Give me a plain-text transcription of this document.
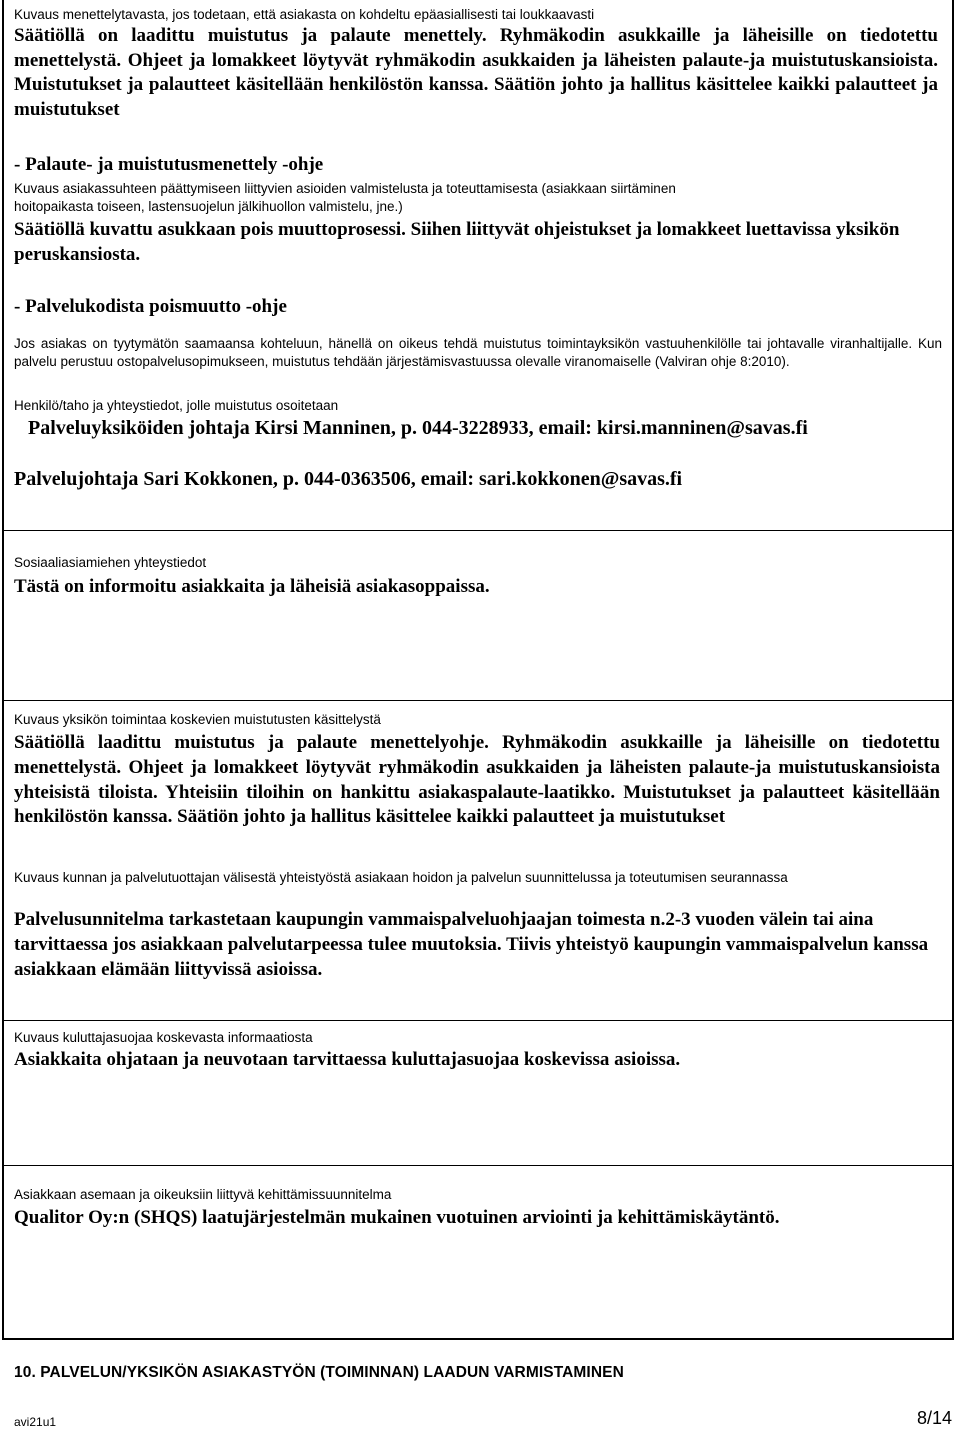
Kuvaus menettelytavasta, jos todetaan, että asiakasta on kohdeltu epäasiallisesti tai loukkaavasti

Säätiöllä on laadittu muistutus ja palaute menettely. Ryhmäkodin asukkaille ja läheisille on tiedotettu menettelystä. Ohjeet ja lomakkeet löytyvät ryhmäkodin asukkaiden ja läheisten palaute-ja muistutuskansioista. Muistutukset ja palautteet käsitellään henkilöstön kanssa. Säätiön johto ja hallitus käsittelee kaikki palautteet ja muistutukset

- Palaute- ja muistutusmenettely -ohje

Kuvaus asiakassuhteen päättymiseen liittyvien asioiden valmistelusta ja toteuttamisesta (asiakkaan siirtäminen hoitopaikasta toiseen, lastensuojelun jälkihuollon valmistelu, jne.)

Säätiöllä kuvattu asukkaan pois muuttoprosessi. Siihen liittyvät ohjeistukset ja lomakkeet luettavissa yksikön peruskansiosta.

- Palvelukodista poismuutto -ohje

Jos asiakas on tyytymätön saamaansa kohteluun, hänellä on oikeus tehdä muistutus toimintayksikön vastuuhenkilölle tai johtavalle viranhaltijalle. Kun palvelu perustuu ostopalvelusopimukseen, muistutus tehdään järjestämisvastuussa olevalle viranomaiselle (Valviran ohje 8:2010).

Henkilö/taho ja yhteystiedot, jolle muistutus osoitetaan

Palveluyksiköiden johtaja Kirsi Manninen, p. 044-3228933, email: kirsi.manninen@savas.fi

Palvelujohtaja Sari Kokkonen, p. 044-0363506, email: sari.kokkonen@savas.fi

Sosiaaliasiamiehen yhteystiedot

Tästä on informoitu asiakkaita ja läheisiä asiakasoppaissa.

Kuvaus yksikön toimintaa koskevien muistutusten käsittelystä

Säätiöllä laadittu muistutus ja palaute menettelyohje. Ryhmäkodin asukkaille ja läheisille on tiedotettu menettelystä. Ohjeet ja lomakkeet löytyvät ryhmäkodin asukkaiden ja läheisten palaute-ja muistutuskansioista yhteisistä tiloista. Yhteisiin tiloihin on hankittu asiakaspalaute-laatikko. Muistutukset ja palautteet käsitellään henkilöstön kanssa. Säätiön johto ja hallitus käsittelee kaikki palautteet ja muistutukset

Kuvaus kunnan ja palvelutuottajan välisestä yhteistyöstä asiakaan hoidon ja palvelun suunnittelussa ja toteutumisen seurannassa

Palvelusunnitelma tarkastetaan kaupungin vammaispalveluohjaajan toimesta n.2-3 vuoden välein tai aina tarvittaessa jos asiakkaan palvelutarpeessa tulee muutoksia. Tiivis yhteistyö kaupungin vammaispalvelun kanssa asiakkaan elämään liittyvissä asioissa.

Kuvaus kuluttajasuojaa koskevasta informaatiosta

Asiakkaita ohjataan ja neuvotaan tarvittaessa kuluttajasuojaa koskevissa asioissa.

Asiakkaan asemaan ja oikeuksiin liittyvä kehittämissuunnitelma

Qualitor Oy:n (SHQS) laatujärjestelmän mukainen vuotuinen arviointi ja kehittämiskäytäntö.

10. PALVELUN/YKSIKÖN ASIAKASTYÖN (TOIMINNAN) LAADUN VARMISTAMINEN

avi21u1	8/14
